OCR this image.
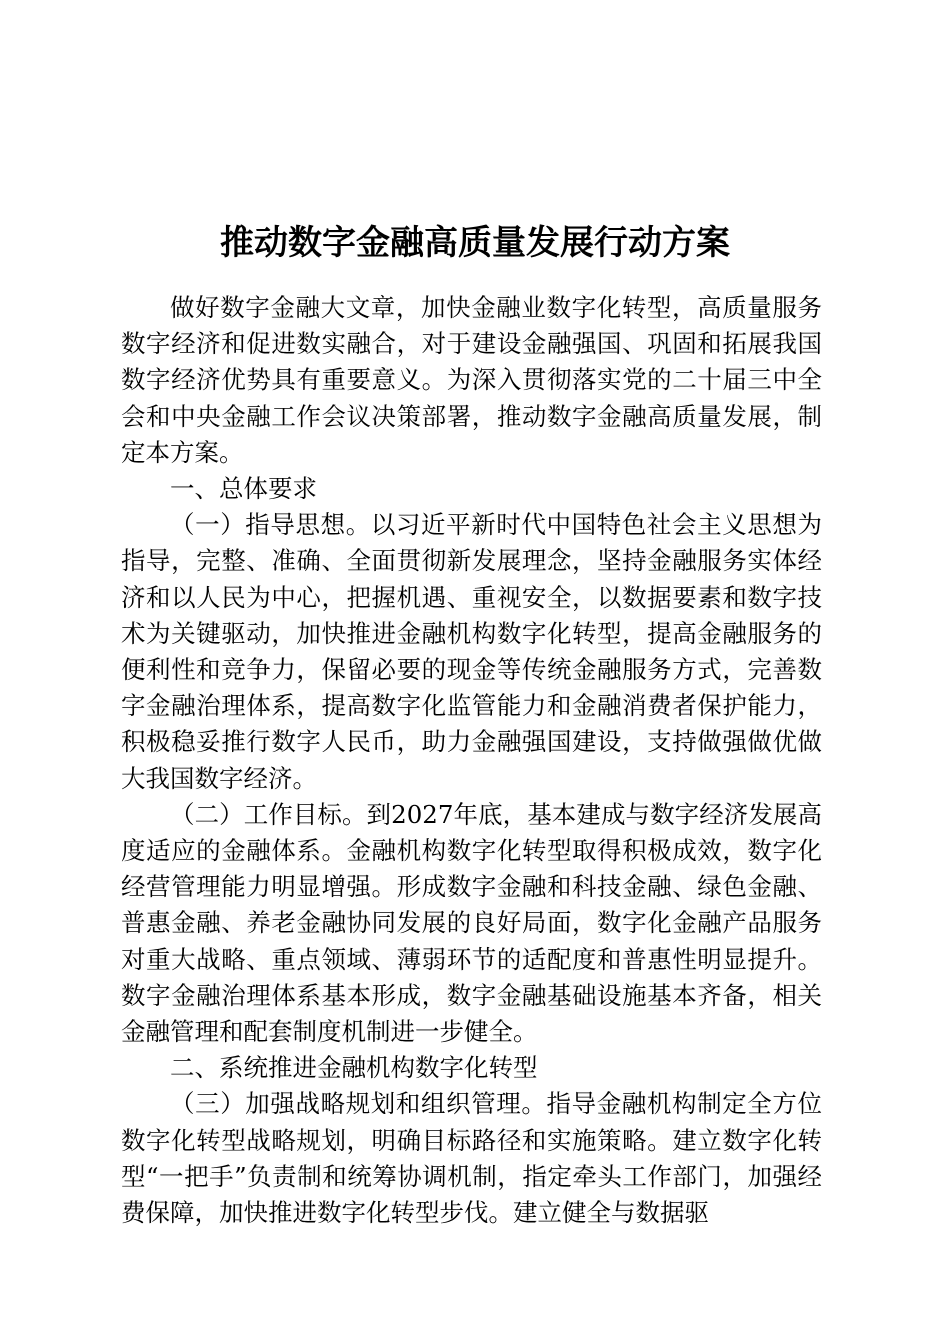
推动数字金融高质量发展行动方案

做好数字金融大文章，加快金融业数字化转型，高质量服务数字经济和促进数实融合，对于建设金融强国、巩固和拓展我国数字经济优势具有重要意义。为深入贯彻落实党的二十届三中全会和中央金融工作会议决策部署，推动数字金融高质量发展，制定本方案。

一、总体要求

（一）指导思想。以习近平新时代中国特色社会主义思想为指导，完整、准确、全面贯彻新发展理念，坚持金融服务实体经济和以人民为中心，把握机遇、重视安全，以数据要素和数字技术为关键驱动，加快推进金融机构数字化转型，提高金融服务的便利性和竞争力，保留必要的现金等传统金融服务方式，完善数字金融治理体系，提高数字化监管能力和金融消费者保护能力，积极稳妥推行数字人民币，助力金融强国建设，支持做强做优做大我国数字经济。

（二）工作目标。到2027年底，基本建成与数字经济发展高度适应的金融体系。金融机构数字化转型取得积极成效，数字化经营管理能力明显增强。形成数字金融和科技金融、绿色金融、普惠金融、养老金融协同发展的良好局面，数字化金融产品服务对重大战略、重点领域、薄弱环节的适配度和普惠性明显提升。数字金融治理体系基本形成，数字金融基础设施基本齐备，相关金融管理和配套制度机制进一步健全。

二、系统推进金融机构数字化转型

（三）加强战略规划和组织管理。指导金融机构制定全方位数字化转型战略规划，明确目标路径和实施策略。建立数字化转型“一把手”负责制和统筹协调机制，指定牵头工作部门，加强经费保障，加快推进数字化转型步伐。建立健全与数据驱
